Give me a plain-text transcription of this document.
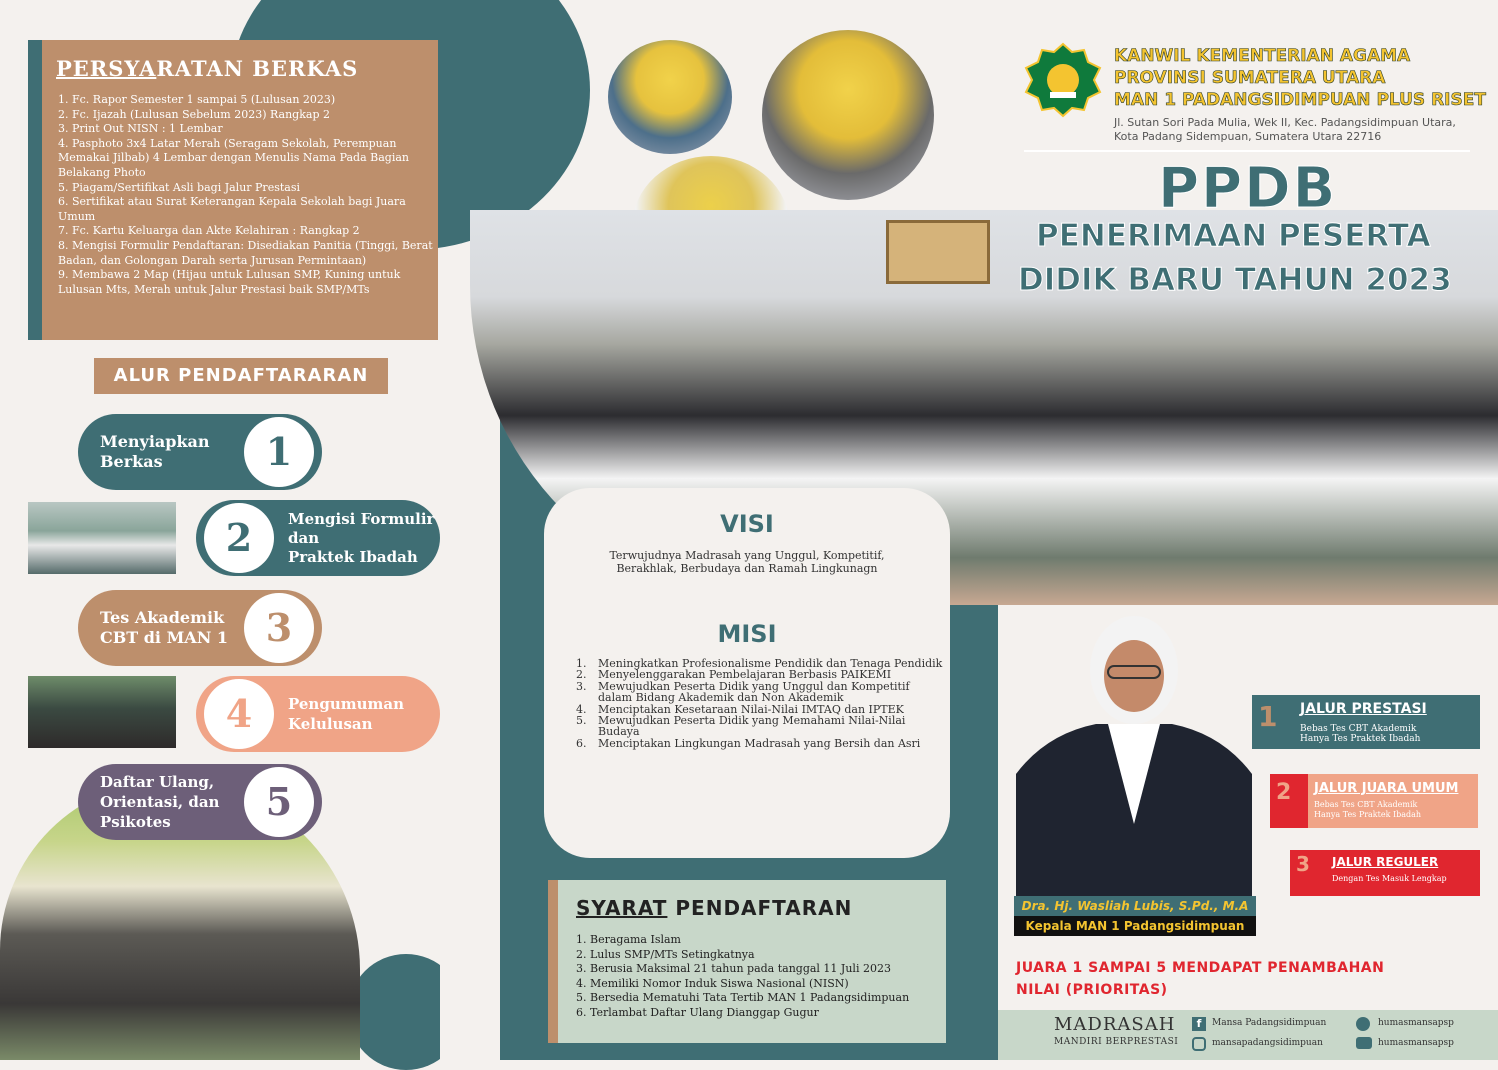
PERSYARATAN BERKAS
1. Fc. Rapor Semester 1 sampai 5 (Lulusan 2023)
2. Fc. Ijazah (Lulusan Sebelum 2023) Rangkap 2
3. Print Out NISN : 1 Lembar
4. Pasphoto 3x4 Latar Merah (Seragam Sekolah, Perempuan Memakai Jilbab) 4 Lembar dengan Menulis Nama Pada Bagian Belakang Photo
5. Piagam/Sertifikat Asli bagi Jalur Prestasi
6. Sertifikat atau Surat Keterangan Kepala Sekolah bagi Juara Umum
7. Fc. Kartu Keluarga dan Akte Kelahiran : Rangkap 2
8. Mengisi Formulir Pendaftaran: Disediakan Panitia (Tinggi, Berat Badan, dan Golongan Darah serta Jurusan Permintaan)
9. Membawa 2 Map (Hijau untuk Lulusan SMP, Kuning untuk Lulusan Mts, Merah untuk Jalur Prestasi baik SMP/MTs
ALUR PENDAFTARARAN
Menyiapkan
Berkas	1
Mengisi Formulir
dan
Praktek Ibadah
2
Tes Akademik
CBT di MAN 1 3
Pengumuman
Kelulusan
4
Daftar Ulang,
Orientasi, dan
Psikotes	5
KANWIL KEMENTERIAN AGAMA
PROVINSI SUMATERA UTARA
MAN 1 PADANGSIDIMPUAN PLUS RISET
Jl. Sutan Sori Pada Mulia, Wek II, Kec. Padangsidimpuan Utara,
Kota Padang Sidempuan, Sumatera Utara 22716
PPDB
PENERIMAAN PESERTA
DIDIK BARU TAHUN 2023
VISI
Terwujudnya Madrasah yang Unggul, Kompetitif,
Berakhlak, Berbudaya dan Ramah Lingkunagn
MISI
1.	Meningkatkan Profesionalisme Pendidik dan Tenaga Pendidik
2.	Menyelenggarakan Pembelajaran Berbasis PAIKEMI
3.	Mewujudkan Peserta Didik yang Unggul dan Kompetitif dalam Bidang Akademik dan Non Akademik
4.	Menciptakan Kesetaraan Nilai-Nilai IMTAQ dan IPTEK
5.	Mewujudkan Peserta Didik yang Memahami Nilai-Nilai Budaya
6.	Menciptakan Lingkungan Madrasah yang Bersih dan Asri
SYARAT PENDAFTARAN
1. Beragama Islam
2. Lulus SMP/MTs Setingkatnya
3. Berusia Maksimal 21 tahun pada tanggal 11 Juli 2023
4. Memiliki Nomor Induk Siswa Nasional (NISN)
5. Bersedia Mematuhi Tata Tertib MAN 1 Padangsidimpuan
6. Terlambat Daftar Ulang Dianggap Gugur
Dra. Hj. Wasliah Lubis, S.Pd., M.A
Kepala MAN 1 Padangsidimpuan
1 JALUR PRESTASI
Bebas Tes CBT Akademik
Hanya Tes Praktek Ibadah
2 JALUR JUARA UMUM
Bebas Tes CBT Akademik
Hanya Tes Praktek Ibadah
3 JALUR REGULER
Dengan Tes Masuk Lengkap
JUARA 1 SAMPAI 5 MENDAPAT PENAMBAHAN
NILAI (PRIORITAS)
MADRASAH
MANDIRI BERPRESTASI
f	Mansa Padangsidimpuan
mansapadangsidimpuan
humasmansapsp
humasmansapsp
